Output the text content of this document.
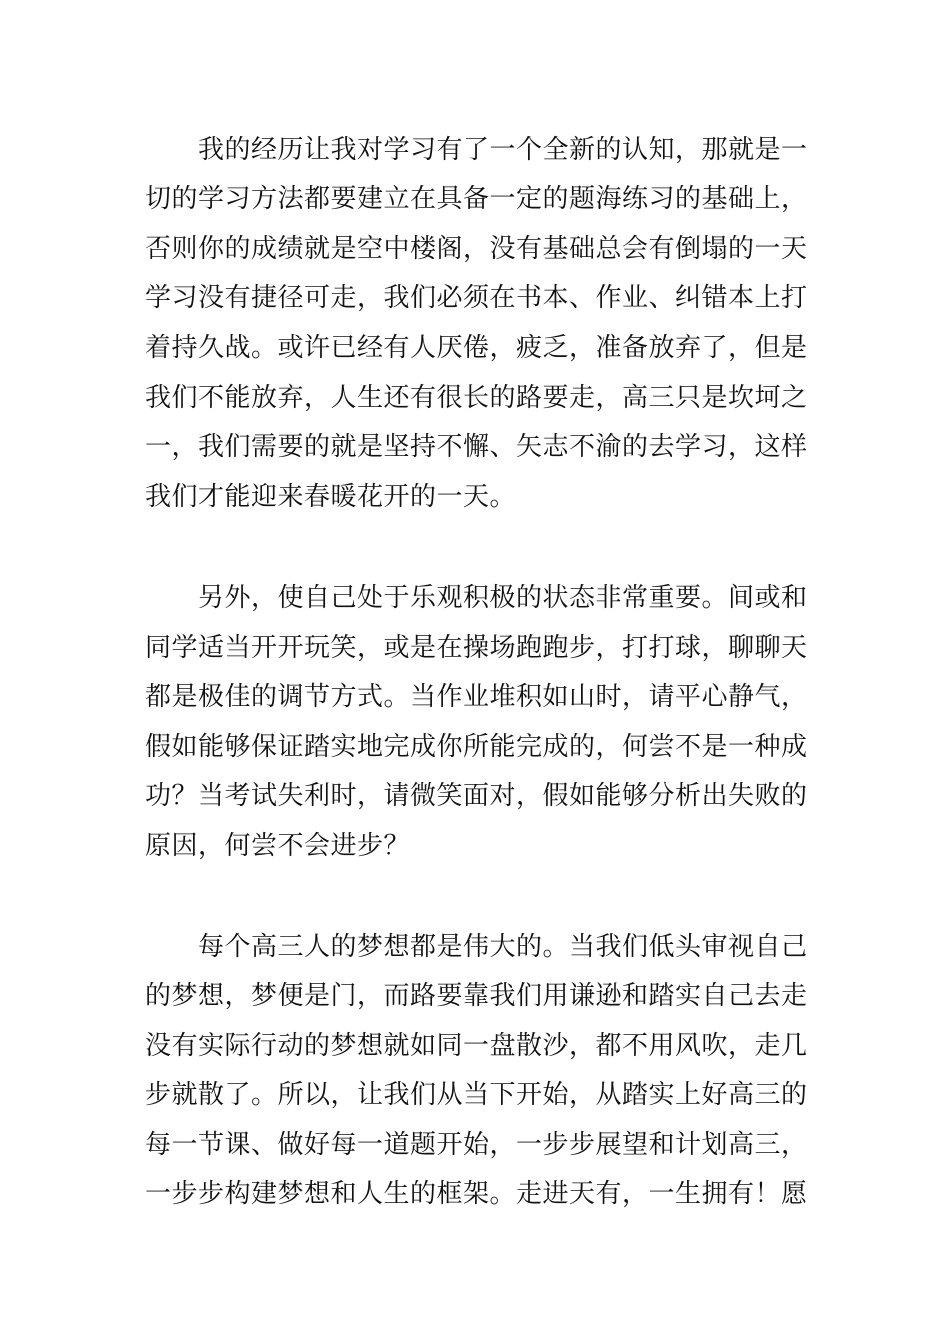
我的经历让我对学习有了一个全新的认知，那就是一
切的学习方法都要建立在具备一定的题海练习的基础上，
否则你的成绩就是空中楼阁，没有基础总会有倒塌的一天
学习没有捷径可走，我们必须在书本、作业、纠错本上打
着持久战。或许已经有人厌倦，疲乏，准备放弃了，但是
我们不能放弃，人生还有很长的路要走，高三只是坎坷之
一，我们需要的就是坚持不懈、矢志不渝的去学习，这样
我们才能迎来春暖花开的一天。
另外，使自己处于乐观积极的状态非常重要。间或和
同学适当开开玩笑，或是在操场跑跑步，打打球，聊聊天
都是极佳的调节方式。当作业堆积如山时，请平心静气，
假如能够保证踏实地完成你所能完成的，何尝不是一种成
功？当考试失利时，请微笑面对，假如能够分析出失败的
原因，何尝不会进步？
每个高三人的梦想都是伟大的。当我们低头审视自己
的梦想，梦便是门，而路要靠我们用谦逊和踏实自己去走
没有实际行动的梦想就如同一盘散沙，都不用风吹，走几
步就散了。所以，让我们从当下开始，从踏实上好高三的
每一节课、做好每一道题开始，一步步展望和计划高三，
一步步构建梦想和人生的框架。走进天有，一生拥有！愿
